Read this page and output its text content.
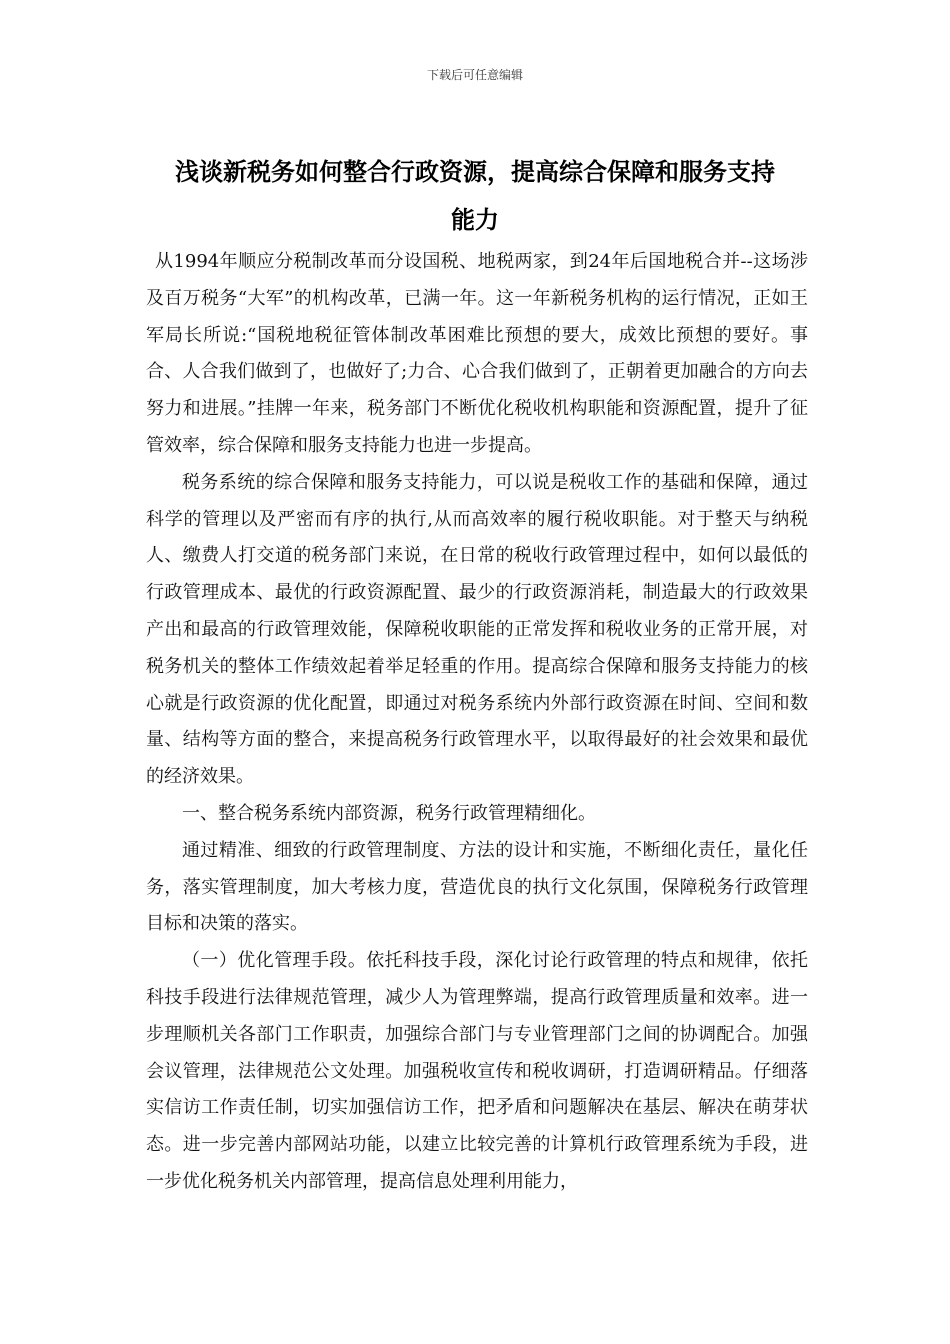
下载后可任意编辑
浅谈新税务如何整合行政资源，提高综合保障和服务支持
能力

从1994年顺应分税制改革而分设国税、地税两家，到24年后国地税合并--这场涉及百万税务“大军”的机构改革，已满一年。这一年新税务机构的运行情况，正如王军局长所说:“国税地税征管体制改革困难比预想的要大，成效比预想的要好。事合、人合我们做到了，也做好了;力合、心合我们做到了，正朝着更加融合的方向去努力和进展。”挂牌一年来，税务部门不断优化税收机构职能和资源配置，提升了征管效率，综合保障和服务支持能力也进一步提高。

税务系统的综合保障和服务支持能力，可以说是税收工作的基础和保障，通过科学的管理以及严密而有序的执行,从而高效率的履行税收职能。对于整天与纳税人、缴费人打交道的税务部门来说，在日常的税收行政管理过程中，如何以最低的行政管理成本、最优的行政资源配置、最少的行政资源消耗，制造最大的行政效果产出和最高的行政管理效能，保障税收职能的正常发挥和税收业务的正常开展，对税务机关的整体工作绩效起着举足轻重的作用。提高综合保障和服务支持能力的核心就是行政资源的优化配置，即通过对税务系统内外部行政资源在时间、空间和数量、结构等方面的整合，来提高税务行政管理水平，以取得最好的社会效果和最优的经济效果。

一、整合税务系统内部资源，税务行政管理精细化。

通过精准、细致的行政管理制度、方法的设计和实施，不断细化责任，量化任务，落实管理制度，加大考核力度，营造优良的执行文化氛围，保障税务行政管理目标和决策的落实。

（一）优化管理手段。依托科技手段，深化讨论行政管理的特点和规律，依托科技手段进行法律规范管理，减少人为管理弊端，提高行政管理质量和效率。进一步理顺机关各部门工作职责，加强综合部门与专业管理部门之间的协调配合。加强会议管理，法律规范公文处理。加强税收宣传和税收调研，打造调研精品。仔细落实信访工作责任制，切实加强信访工作，把矛盾和问题解决在基层、解决在萌芽状态。进一步完善内部网站功能，以建立比较完善的计算机行政管理系统为手段，进一步优化税务机关内部管理，提高信息处理利用能力，
